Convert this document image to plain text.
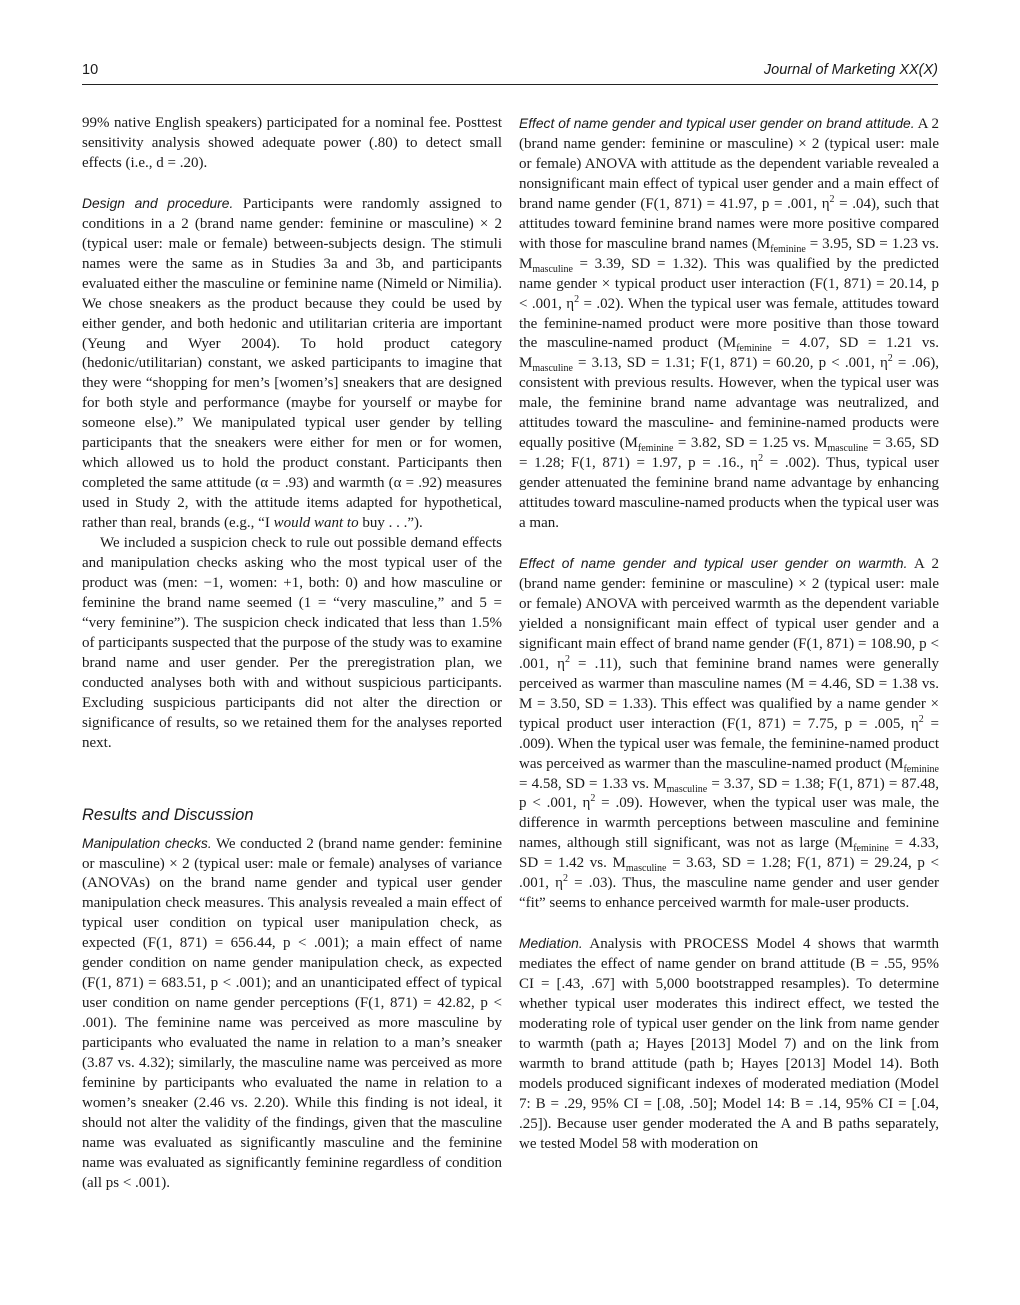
10	Journal of Marketing XX(X)

99% native English speakers) participated for a nominal fee. Posttest sensitivity analysis showed adequate power (.80) to detect small effects (i.e., d = .20).

Design and procedure. Participants were randomly assigned to conditions in a 2 (brand name gender: feminine or masculine) × 2 (typical user: male or female) between-subjects design. The stimuli names were the same as in Studies 3a and 3b, and participants evaluated either the masculine or feminine name (Nimeld or Nimilia). We chose sneakers as the product because they could be used by either gender, and both hedonic and utilitarian criteria are important (Yeung and Wyer 2004). To hold product category (hedonic/utilitarian) constant, we asked participants to imagine that they were “shopping for men’s [women’s] sneakers that are designed for both style and performance (maybe for yourself or maybe for someone else).” We manipulated typical user gender by telling participants that the sneakers were either for men or for women, which allowed us to hold the product constant. Participants then completed the same attitude (α = .93) and warmth (α = .92) measures used in Study 2, with the attitude items adapted for hypothetical, rather than real, brands (e.g., “I would want to buy . . .”).

We included a suspicion check to rule out possible demand effects and manipulation checks asking who the most typical user of the product was (men: −1, women: +1, both: 0) and how masculine or feminine the brand name seemed (1 = “very masculine,” and 5 = “very feminine”). The suspicion check indicated that less than 1.5% of participants suspected that the purpose of the study was to examine brand name and user gender. Per the preregistration plan, we conducted analyses both with and without suspicious participants. Excluding suspicious participants did not alter the direction or significance of results, so we retained them for the analyses reported next.

Results and Discussion

Manipulation checks. We conducted 2 (brand name gender: feminine or masculine) × 2 (typical user: male or female) analyses of variance (ANOVAs) on the brand name gender and typical user gender manipulation check measures. This analysis revealed a main effect of typical user condition on typical user manipulation check, as expected (F(1, 871) = 656.44, p < .001); a main effect of name gender condition on name gender manipulation check, as expected (F(1, 871) = 683.51, p < .001); and an unanticipated effect of typical user condition on name gender perceptions (F(1, 871) = 42.82, p < .001). The feminine name was perceived as more masculine by participants who evaluated the name in relation to a man’s sneaker (3.87 vs. 4.32); similarly, the masculine name was perceived as more feminine by participants who evaluated the name in relation to a women’s sneaker (2.46 vs. 2.20). While this finding is not ideal, it should not alter the validity of the findings, given that the masculine name was evaluated as significantly masculine and the feminine name was evaluated as significantly feminine regardless of condition (all ps < .001).

Effect of name gender and typical user gender on brand attitude. A 2 (brand name gender: feminine or masculine) × 2 (typical user: male or female) ANOVA with attitude as the dependent variable revealed a nonsignificant main effect of typical user gender and a main effect of brand name gender (F(1, 871) = 41.97, p = .001, $\eta^2 = .04$), such that attitudes toward feminine brand names were more positive compared with those for masculine brand names ($M_{feminine} = 3.95$, SD = 1.23 vs. $M_{masculine} = 3.39$, SD = 1.32). This was qualified by the predicted name gender × typical product user interaction (F(1, 871) = 20.14, p < .001, $\eta^2 = .02$). When the typical user was female, attitudes toward the feminine-named product were more positive than those toward the masculine-named product ($M_{feminine} = 4.07$, SD = 1.21 vs. $M_{masculine} = 3.13$, SD = 1.31; F(1, 871) = 60.20, p < .001, $\eta^2 = .06$), consistent with previous results. However, when the typical user was male, the feminine brand name advantage was neutralized, and attitudes toward the masculine- and feminine-named products were equally positive ($M_{feminine} = 3.82$, SD = 1.25 vs. $M_{masculine} = 3.65$, SD = 1.28; F(1, 871) = 1.97, p = .16., $\eta^2 = .002$). Thus, typical user gender attenuated the feminine brand name advantage by enhancing attitudes toward masculine-named products when the typical user was a man.

Effect of name gender and typical user gender on warmth. A 2 (brand name gender: feminine or masculine) × 2 (typical user: male or female) ANOVA with perceived warmth as the dependent variable yielded a nonsignificant main effect of typical user gender and a significant main effect of brand name gender (F(1, 871) = 108.90, p < .001, $\eta^2 = .11$), such that feminine brand names were generally perceived as warmer than masculine names (M = 4.46, SD = 1.38 vs. M = 3.50, SD = 1.33). This effect was qualified by a name gender × typical product user interaction (F(1, 871) = 7.75, p = .005, $\eta^2 = .009$). When the typical user was female, the feminine-named product was perceived as warmer than the masculine-named product ($M_{feminine} = 4.58$, SD = 1.33 vs. $M_{masculine} = 3.37$, SD = 1.38; F(1, 871) = 87.48, p < .001, $\eta^2 = .09$). However, when the typical user was male, the difference in warmth perceptions between masculine and feminine names, although still significant, was not as large ($M_{feminine} = 4.33$, SD = 1.42 vs. $M_{masculine} = 3.63$, SD = 1.28; F(1, 871) = 29.24, p < .001, $\eta^2 = .03$). Thus, the masculine name gender and user gender “fit” seems to enhance perceived warmth for male-user products.

Mediation. Analysis with PROCESS Model 4 shows that warmth mediates the effect of name gender on brand attitude (B = .55, 95% CI = [.43, .67] with 5,000 bootstrapped resamples). To determine whether typical user moderates this indirect effect, we tested the moderating role of typical user gender on the link from name gender to warmth (path a; Hayes [2013] Model 7) and on the link from warmth to brand attitude (path b; Hayes [2013] Model 14). Both models produced significant indexes of moderated mediation (Model 7: B = .29, 95% CI = [.08, .50]; Model 14: B = .14, 95% CI = [.04, .25]). Because user gender moderated the A and B paths separately, we tested Model 58 with moderation on
